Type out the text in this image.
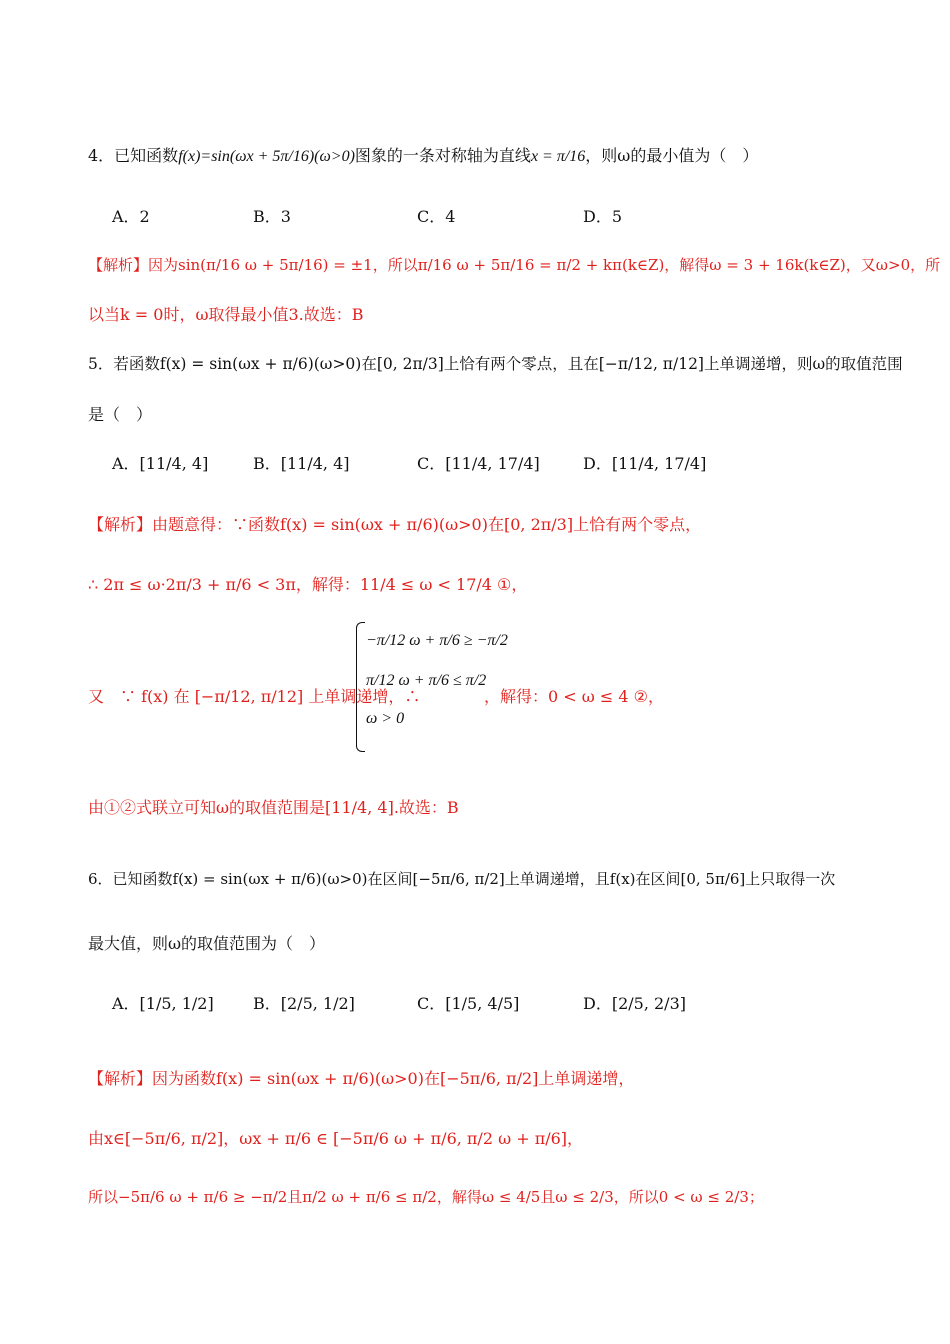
4．已知函数f(x)=sin(ωx + 5π/16)(ω>0)图象的一条对称轴为直线x = π/16，则ω的最小值为（　）
A．2	B．3	C．4	D．5
【解析】因为sin(π/16 ω + 5π/16) = ±1，所以π/16 ω + 5π/16 = π/2 + kπ(k∈Z)，解得ω = 3 + 16k(k∈Z)，又ω>0，所
以当k = 0时，ω取得最小值3.故选：B
5．若函数f(x) = sin(ωx + π/6)(ω>0)在[0, 2π/3]上恰有两个零点，且在[−π/12, π/12]上单调递增，则ω的取值范围
是（　）
A．[11/4, 4]	B．[11/4, 4]	C．[11/4, 17/4]	D．[11/4, 17/4]
【解析】由题意得：∵函数f(x) = sin(ωx + π/6)(ω>0)在[0, 2π/3]上恰有两个零点，
∴ 2π ≤ ω·2π/3 + π/6 < 3π，解得：11/4 ≤ ω < 17/4 ①，
−π/12 ω + π/6 ≥ −π/2
π/12 ω + π/6 ≤ π/2
ω > 0
又　∵ f(x) 在 [−π/12, π/12] 上单调递增，∴	，解得：0 < ω ≤ 4 ②，
由①②式联立可知ω的取值范围是[11/4, 4].故选：B
6．已知函数f(x) = sin(ωx + π/6)(ω>0)在区间[−5π/6, π/2]上单调递增，且f(x)在区间[0, 5π/6]上只取得一次
最大值，则ω的取值范围为（　）
A．[1/5, 1/2] B．[2/5, 1/2]	C．[1/5, 4/5]	D．[2/5, 2/3]
【解析】因为函数f(x) = sin(ωx + π/6)(ω>0)在[−5π/6, π/2]上单调递增，
由x∈[−5π/6, π/2]，ωx + π/6 ∈ [−5π/6 ω + π/6, π/2 ω + π/6]，
所以−5π/6 ω + π/6 ≥ −π/2且π/2 ω + π/6 ≤ π/2，解得ω ≤ 4/5且ω ≤ 2/3，所以0 < ω ≤ 2/3；
